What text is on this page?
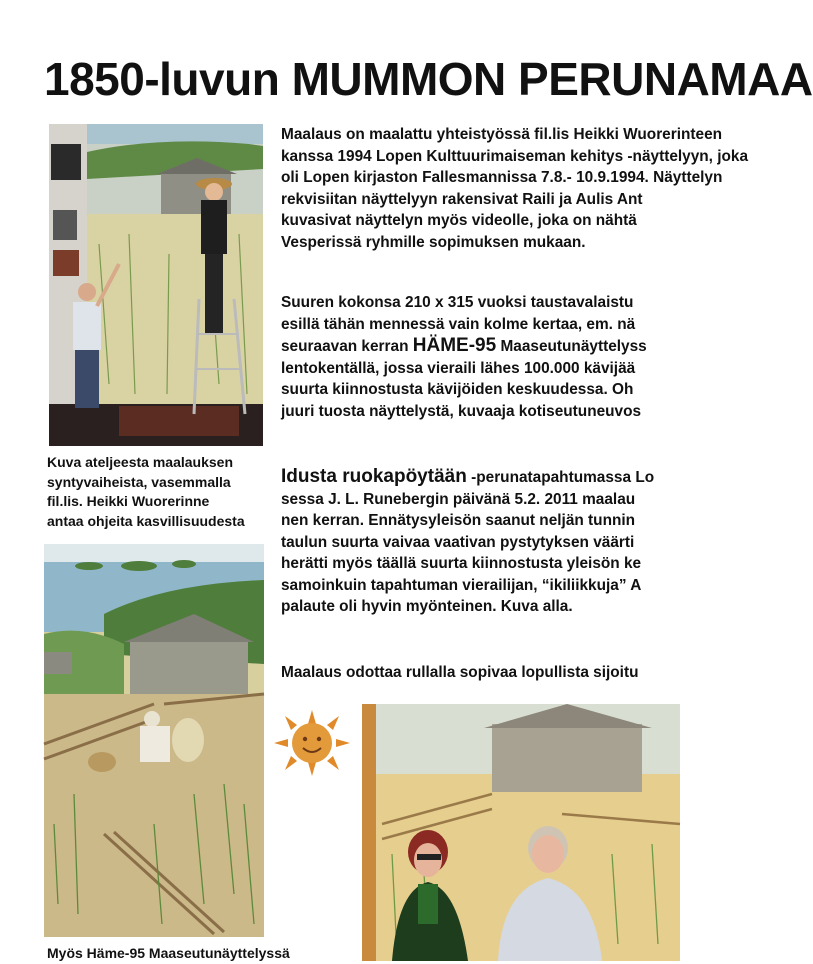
1850-luvun MUMMON PERUNAMAA
Maalaus on maalattu yhteistyössä fil.lis Heikki Wuorerinteen
kanssa 1994 Lopen Kulttuurimaiseman kehitys -näyttelyyn, joka
oli Lopen kirjaston Fallesmannissa 7.8.- 10.9.1994. Näyttelyn
rekvisiitan näyttelyyn rakensivat Raili ja Aulis Ant
kuvasivat näyttelyn myös videolle, joka on nähtä
Vesperissä ryhmille sopimuksen mukaan.
Suuren kokonsa 210 x 315 vuoksi taustavalaistu
esillä tähän mennessä vain kolme kertaa, em. nä
seuraavan kerran HÄME-95 Maaseutunäyttelyss
lentokentällä, jossa vieraili lähes 100.000 kävijää
suurta kiinnostusta kävijöiden keskuudessa. Oh
juuri tuosta näyttelystä, kuvaaja kotiseutuneuvos
Idusta ruokapöytään -perunatapahtumassa Lo
sessa J. L. Runebergin päivänä 5.2. 2011 maalau
nen kerran. Ennätysyleisön saanut neljän tunnin
taulun suurta vaivaa vaativan pystytyksen väärti
herätti myös täällä suurta kiinnostusta yleisön ke
samoinkuin tapahtuman vierailijan, “ikiliikkuja” A
palaute oli hyvin myönteinen. Kuva alla.
Maalaus odottaa rullalla sopivaa lopullista sijoitu
Kuva ateljeesta maalauksen
syntyvaiheista, vasemmalla
fil.lis. Heikki Wuorerinne
antaa ohjeita kasvillisuudesta
Myös Häme-95 Maaseutunäyttelyssä
